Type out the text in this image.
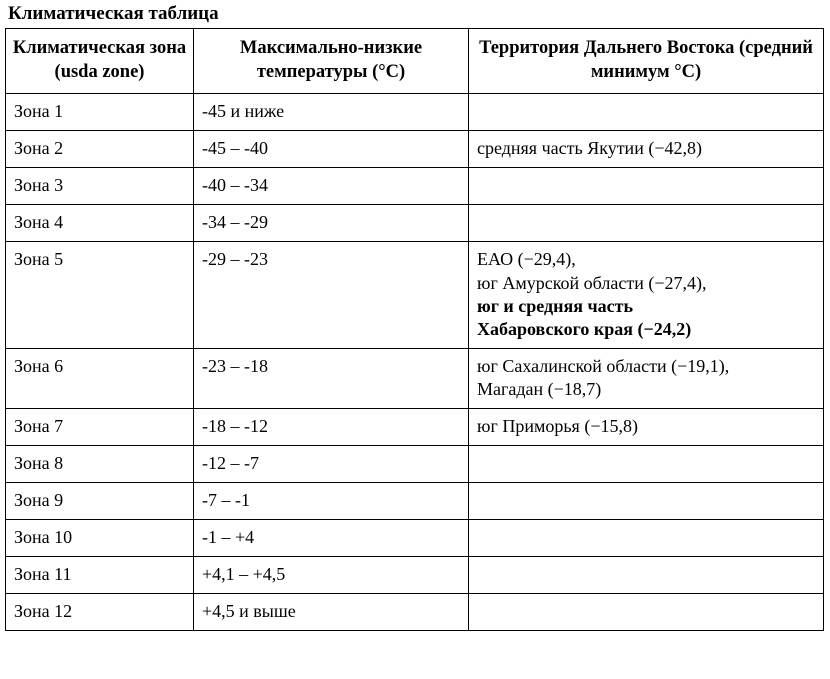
Климатическая таблица
Климатическая зона (usda zone)	Максимально-низкие температуры (°C)	Территория Дальнего Востока (средний минимум °C)
Зона 1	-45 и ниже	
Зона 2	-45 – -40	средняя часть Якутии (−42,8)

Зона 3	-40 – -34	
Зона 4	-34 – -29	
Зона 5	-29 – -23	ЕАО (−29,4),
юг Амурской области (−27,4),
юг и средняя часть
Хабаровского края (−24,2)

Зона 6	-23 – -18	юг Сахалинской области (−19,1),
Магадан (−18,7)

Зона 7	-18 – -12	юг Приморья (−15,8)

Зона 8	-12 – -7	
Зона 9	-7 – -1	
Зона 10	-1 – +4	
Зона 11	+4,1 – +4,5	
Зона 12	+4,5 и выше	
